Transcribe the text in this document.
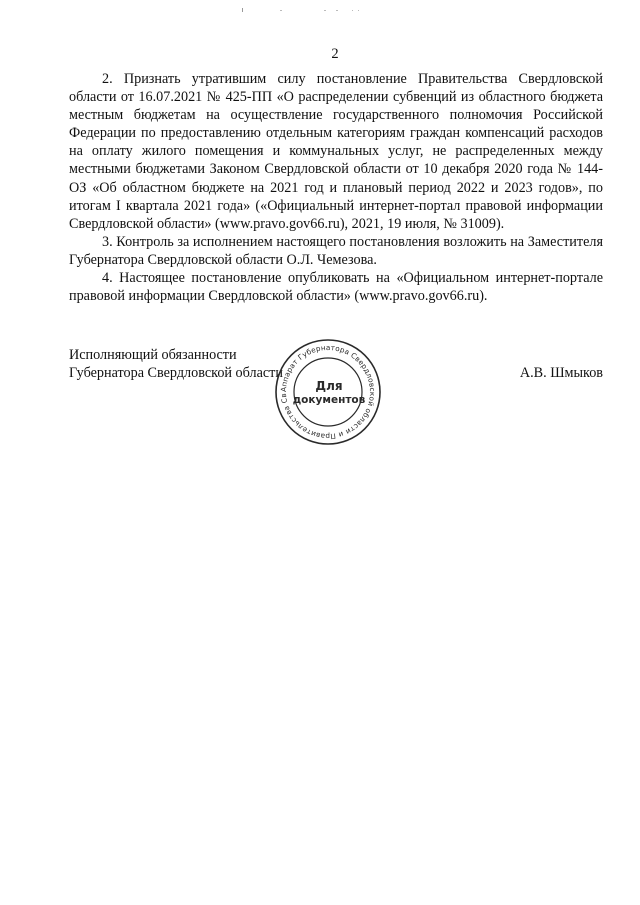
2

2. Признать утратившим силу постановление Правительства Свердловской области от 16.07.2021 № 425-ПП «О распределении субвенций из областного бюджета местным бюджетам на осуществление государственного полномочия Российской Федерации по предоставлению отдельным категориям граждан компенсаций расходов на оплату жилого помещения и коммунальных услуг, не распределенных между местными бюджетами Законом Свердловской области от 10 декабря 2020 года № 144-ОЗ «Об областном бюджете на 2021 год и плановый период 2022 и 2023 годов», по итогам I квартала 2021 года» («Официальный интернет-портал правовой информации Свердловской области» (www.pravo.gov66.ru), 2021, 19 июля, № 31009).

3. Контроль за исполнением настоящего постановления возложить на Заместителя Губернатора Свердловской области О.Л. Чемезова.

4. Настоящее постановление опубликовать на «Официальном интернет-портале правовой информации Свердловской области» (www.pravo.gov66.ru).

Исполняющий обязанности
Губернатора Свердловской области	А.В. Шмыков
Аппарат Губернатора Свердловской области и Правительства Св
Для
документов
